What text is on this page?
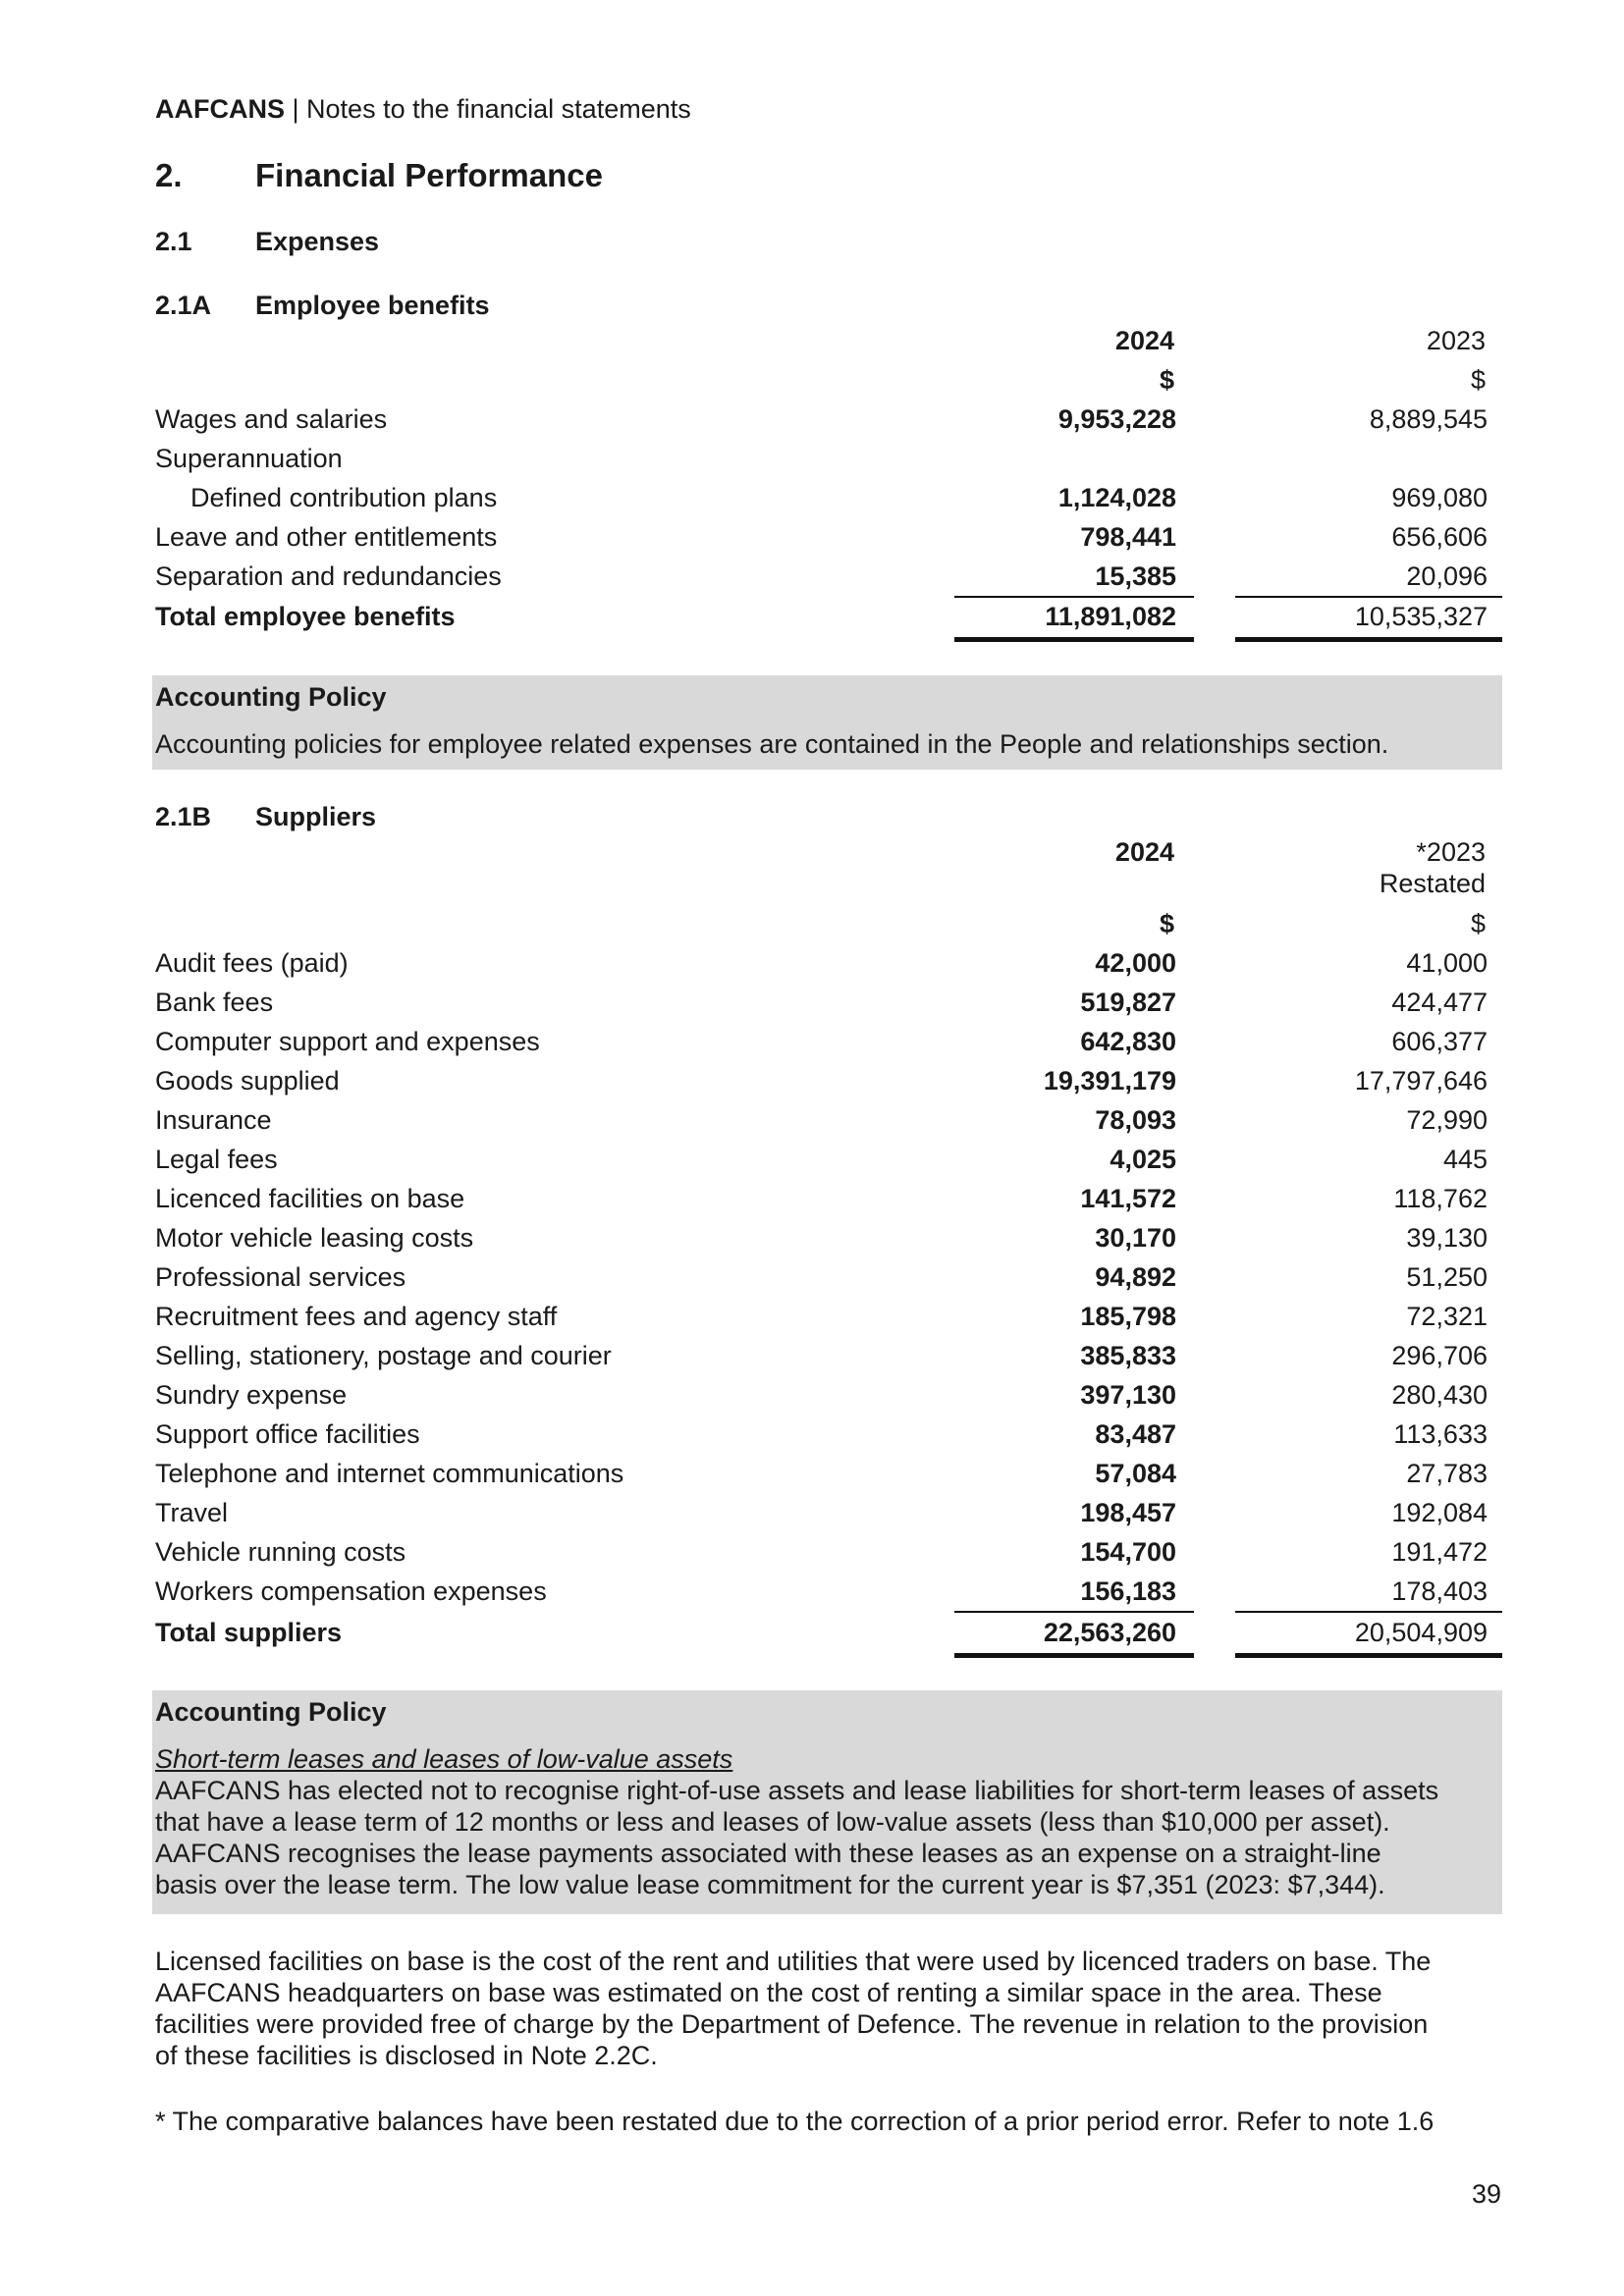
AAFCANS | Notes to the financial statements
2. Financial Performance
2.1 Expenses
2.1A Employee benefits
2024	2023
$	$
Wages and salaries	9,953,228	8,889,545
Superannuation
Defined contribution plans	1,124,028	969,080
Leave and other entitlements	798,441	656,606
Separation and redundancies	15,385	20,096
Total employee benefits	11,891,082	10,535,327
Accounting Policy
Accounting policies for employee related expenses are contained in the People and relationships section.
2.1B Suppliers
2024	*2023
Restated
$	$
Audit fees (paid)	42,000	41,000
Bank fees	519,827	424,477
Computer support and expenses	642,830	606,377
Goods supplied	19,391,179	17,797,646
Insurance	78,093	72,990
Legal fees	4,025	445
Licenced facilities on base	141,572	118,762
Motor vehicle leasing costs	30,170	39,130
Professional services	94,892	51,250
Recruitment fees and agency staff	185,798	72,321
Selling, stationery, postage and courier	385,833	296,706
Sundry expense	397,130	280,430
Support office facilities	83,487	113,633
Telephone and internet communications	57,084	27,783
Travel	198,457	192,084
Vehicle running costs	154,700	191,472
Workers compensation expenses	156,183	178,403
Total suppliers	22,563,260	20,504,909
Accounting Policy
Short-term leases and leases of low-value assets
AAFCANS has elected not to recognise right-of-use assets and lease liabilities for short-term leases of assets
that have a lease term of 12 months or less and leases of low-value assets (less than $10,000 per asset).
AAFCANS recognises the lease payments associated with these leases as an expense on a straight-line
basis over the lease term. The low value lease commitment for the current year is $7,351 (2023: $7,344).
Licensed facilities on base is the cost of the rent and utilities that were used by licenced traders on base. The
AAFCANS headquarters on base was estimated on the cost of renting a similar space in the area. These
facilities were provided free of charge by the Department of Defence. The revenue in relation to the provision
of these facilities is disclosed in Note 2.2C.
* The comparative balances have been restated due to the correction of a prior period error. Refer to note 1.6
39
